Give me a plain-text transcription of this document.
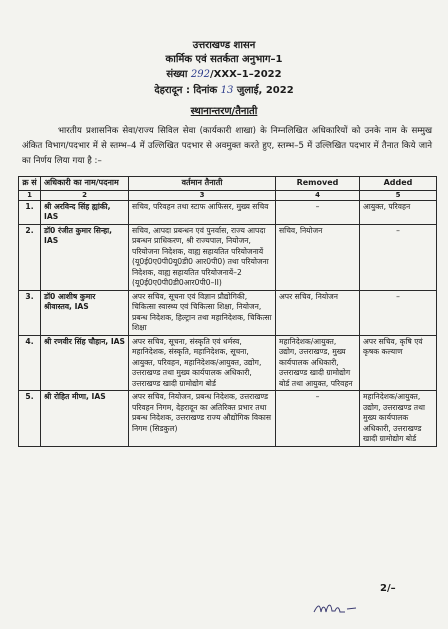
उत्तराखण्ड शासन
कार्मिक एवं सतर्कता अनुभाग–1
संख्या 292/XXX–1–2022
देहरादून : दिनांक 13 जुलाई, 2022
स्थानान्तरण/तैनाती
भारतीय प्रशासनिक सेवा/राज्य सिविल सेवा (कार्यकारी शाखा) के निम्नलिखित अधिकारियों को उनके नाम के सम्मुख अंकित विभाग/पदभार में से स्तम्भ–4 में उल्लिखित पदभार से अवमुक्त करते हुए, स्तम्भ–5 में उल्लिखित पदभार में तैनात किये जाने का निर्णय लिया गया है :–
क्र सं	अधिकारी का नाम/पदनाम	वर्तमान तैनाती	Removed	Added
1	2	3	4	5
1.	श्री अरविन्द सिंह ह्यांकी, IAS	सचिव, परिवहन तथा स्टाफ आफिसर, मुख्य सचिव	–	आयुक्त, परिवहन
2.	डॉ0 रंजीत कुमार सिन्हा, IAS	सचिव, आपदा प्रबन्धन एवं पुनर्वास, राज्य आपदा प्रबन्धन प्राधिकरण, श्री राज्यपाल, नियोजन, परियोजना निदेशक, वाह्य सहायतित परियोजनायें (यू0ई0ए0पी0यू0डी0 आर0पी0) तथा परियोजना निदेशक, वाह्य सहायतित परियोजनायें–2 (यू0ई0ए0पी0डी0आर0पी0–II)	सचिव, नियोजन	–

3.	डॉ0 आशीष कुमार श्रीवास्तव, IAS	अपर सचिव, सूचना एवं विज्ञान प्रौद्योगिकी, चिकित्सा स्वास्थ्य एवं चिकित्सा शिक्षा, नियोजन, प्रबन्ध निदेशक, हिल्ट्रान तथा महानिदेशक, चिकित्सा शिक्षा	अपर सचिव, नियोजन	–

4.	श्री रणवीर सिंह चौहान, IAS	अपर सचिव, सूचना, संस्कृति एवं धर्मस्व, महानिदेशक, संस्कृति, महानिदेशक, सूचना, आयुक्त, परिवहन, महानिदेशक/आयुक्त, उद्योग, उत्तराखण्ड तथा मुख्य कार्यपालक अधिकारी, उत्तराखण्ड खादी ग्रामोद्योग बोर्ड	महानिदेशक/आयुक्त, उद्योग, उत्तराखण्ड, मुख्य कार्यपालक अधिकारी, उत्तराखण्ड खादी ग्रामोद्योग बोर्ड तथा आयुक्त, परिवहन	अपर सचिव, कृषि एवं कृषक कल्याण
5.	श्री रोहित मीणा, IAS	अपर सचिव, नियोजन, प्रबन्ध निदेशक, उत्तराखण्ड परिवहन निगम, देहरादून का अतिरिक्त प्रभार तथा प्रबन्ध निदेशक, उत्तराखण्ड राज्य औद्योगिक विकास निगम (सिडकुल)	–	महानिदेशक/आयुक्त, उद्योग, उत्तराखण्ड तथा मुख्य कार्यपालक अधिकारी, उत्तराखण्ड खादी ग्रामोद्योग बोर्ड
2/–
